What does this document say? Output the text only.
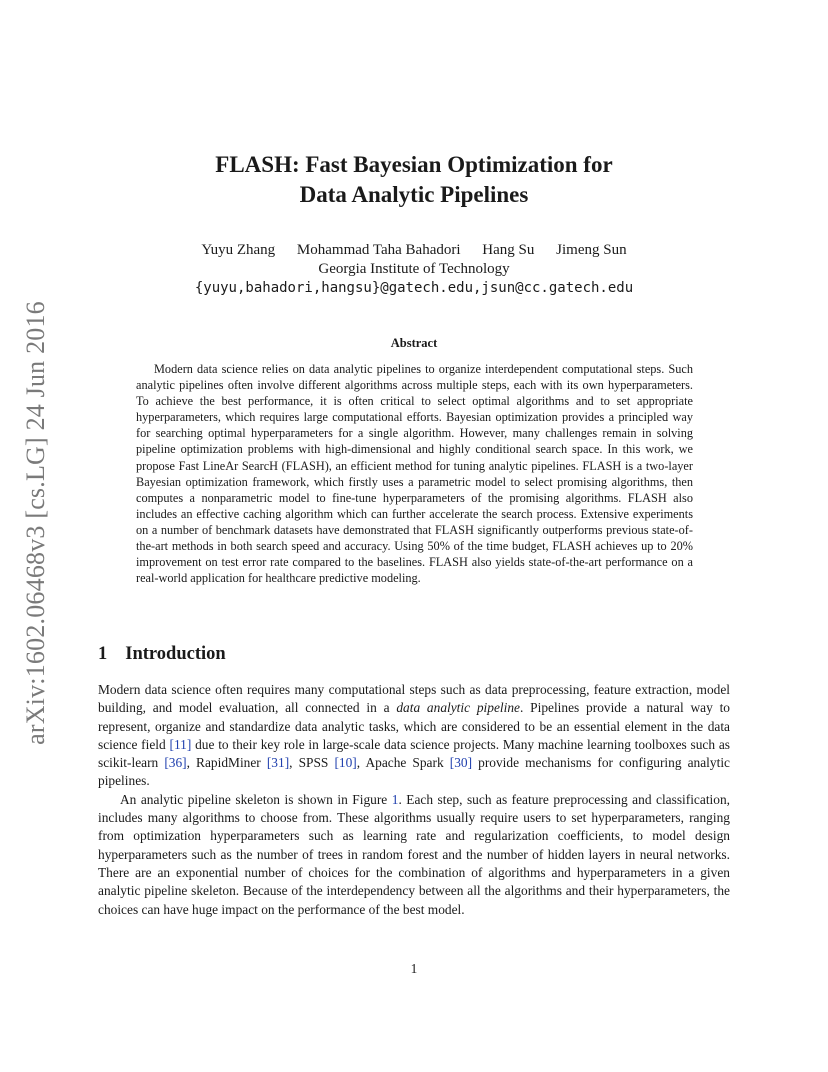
arXiv:1602.06468v3 [cs.LG] 24 Jun 2016
FLASH: Fast Bayesian Optimization for
Data Analytic Pipelines
Yuyu Zhang Mohammad Taha Bahadori Hang Su Jimeng Sun
Georgia Institute of Technology
{yuyu,bahadori,hangsu}@gatech.edu,jsun@cc.gatech.edu
Abstract

Modern data science relies on data analytic pipelines to organize interdependent computational steps. Such analytic pipelines often involve different algorithms across multiple steps, each with its own hyperparameters. To achieve the best performance, it is often critical to select optimal algorithms and to set appropriate hyperparameters, which requires large computational efforts. Bayesian optimization provides a principled way for searching optimal hyperparameters for a single algorithm. However, many challenges remain in solving pipeline optimization problems with high-dimensional and highly conditional search space. In this work, we propose Fast LineAr SearcH (FLASH), an efficient method for tuning analytic pipelines. FLASH is a two-layer Bayesian optimization framework, which firstly uses a parametric model to select promising algorithms, then computes a nonparametric model to fine-tune hyperparameters of the promising algorithms. FLASH also includes an effective caching algorithm which can further accelerate the search process. Extensive experiments on a number of benchmark datasets have demonstrated that FLASH significantly outperforms previous state-of-the-art methods in both search speed and accuracy. Using 50% of the time budget, FLASH achieves up to 20% improvement on test error rate compared to the baselines. FLASH also yields state-of-the-art performance on a real-world application for healthcare predictive modeling.

1 Introduction

Modern data science often requires many computational steps such as data preprocessing, feature extraction, model building, and model evaluation, all connected in a data analytic pipeline. Pipelines provide a natural way to represent, organize and standardize data analytic tasks, which are considered to be an essential element in the data science field [11] due to their key role in large-scale data science projects. Many machine learning toolboxes such as scikit-learn [36], RapidMiner [31], SPSS [10], Apache Spark [30] provide mechanisms for configuring analytic pipelines.

An analytic pipeline skeleton is shown in Figure 1. Each step, such as feature preprocessing and classification, includes many algorithms to choose from. These algorithms usually require users to set hyperparameters, ranging from optimization hyperparameters such as learning rate and regularization coefficients, to model design hyperparameters such as the number of trees in random forest and the number of hidden layers in neural networks. There are an exponential number of choices for the combination of algorithms and hyperparameters in a given analytic pipeline skeleton. Because of the interdependency between all the algorithms and their hyperparameters, the choices can have huge impact on the performance of the best model.

1
